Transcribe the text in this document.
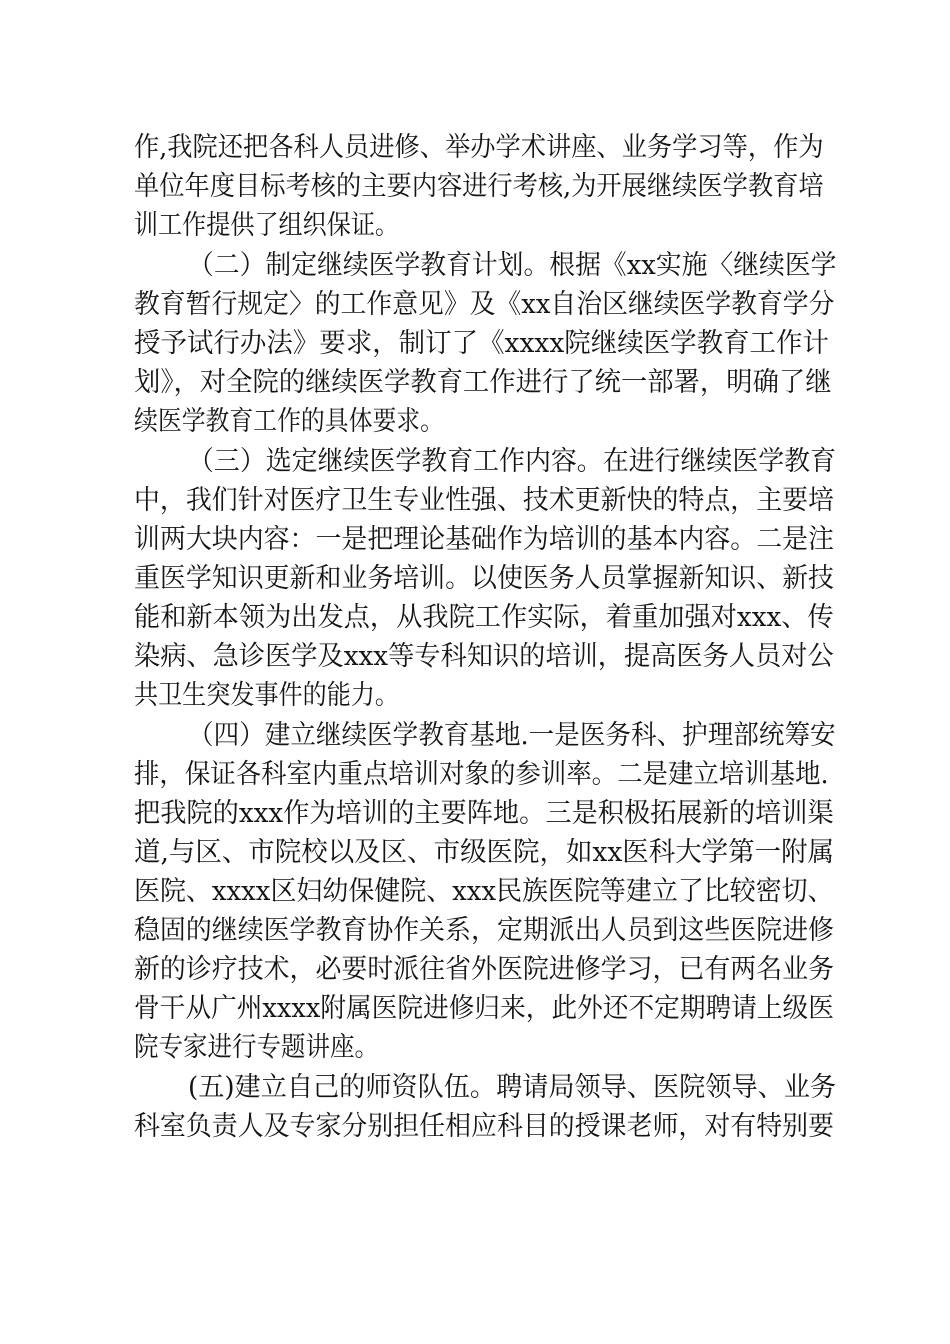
作,我院还把各科人员进修、举办学术讲座、业务学习等，作为
单位年度目标考核的主要内容进行考核,为开展继续医学教育培
训工作提供了组织保证。
（二）制定继续医学教育计划。根据《xx实施〈继续医学
教育暂行规定〉的工作意见》及《xx自治区继续医学教育学分
授予试行办法》要求，制订了《xxxx院继续医学教育工作计
划》，对全院的继续医学教育工作进行了统一部署，明确了继
续医学教育工作的具体要求。
（三）选定继续医学教育工作内容。在进行继续医学教育
中，我们针对医疗卫生专业性强、技术更新快的特点，主要培
训两大块内容：一是把理论基础作为培训的基本内容。二是注
重医学知识更新和业务培训。以使医务人员掌握新知识、新技
能和新本领为出发点，从我院工作实际，着重加强对xxx、传
染病、急诊医学及xxx等专科知识的培训，提高医务人员对公
共卫生突发事件的能力。
（四）建立继续医学教育基地.一是医务科、护理部统筹安
排，保证各科室内重点培训对象的参训率。二是建立培训基地.
把我院的xxx作为培训的主要阵地。三是积极拓展新的培训渠
道,与区、市院校以及区、市级医院，如xx医科大学第一附属
医院、xxxx区妇幼保健院、xxx民族医院等建立了比较密切、
稳固的继续医学教育协作关系，定期派出人员到这些医院进修
新的诊疗技术，必要时派往省外医院进修学习，已有两名业务
骨干从广州xxxx附属医院进修归来，此外还不定期聘请上级医
院专家进行专题讲座。
(五)建立自己的师资队伍。聘请局领导、医院领导、业务
科室负责人及专家分别担任相应科目的授课老师，对有特别要
